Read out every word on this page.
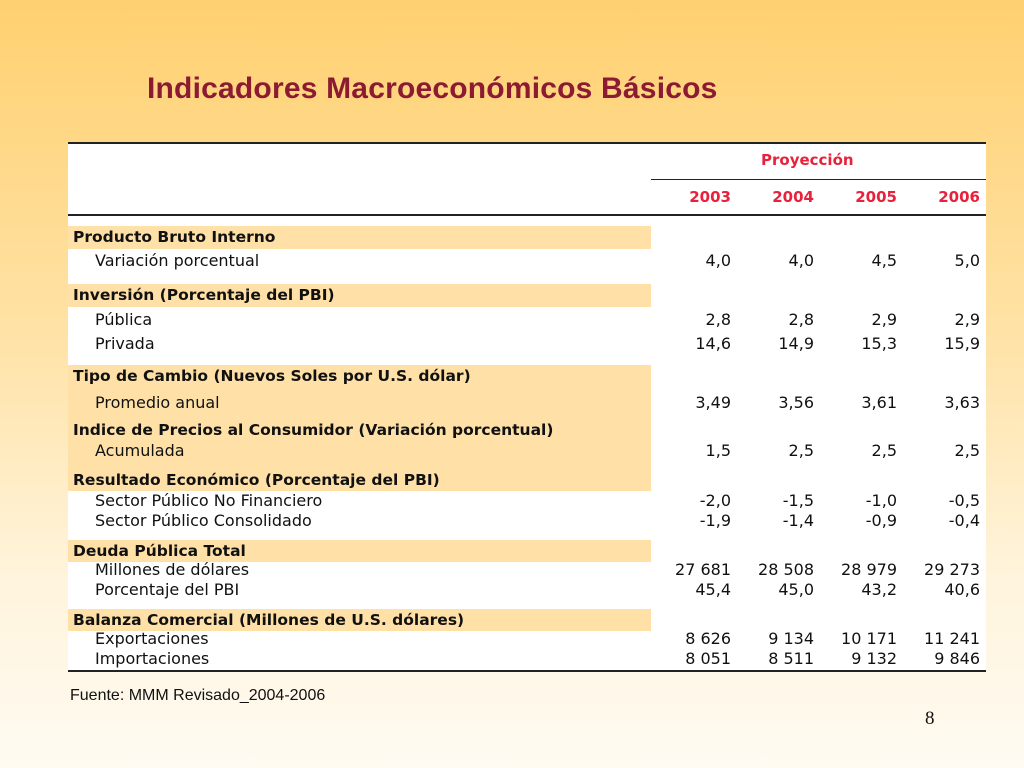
Indicadores Macroeconómicos Básicos
Proyección
2003	2004	2005	2006
Producto Bruto Interno
Variación porcentual	4,0	4,0	4,5	5,0
Inversión (Porcentaje del PBI)
Pública	2,8	2,8	2,9	2,9
Privada	14,6	14,9	15,3	15,9
Tipo de Cambio (Nuevos Soles por U.S. dólar)
Promedio anual	3,49	3,56	3,61	3,63
Indice de Precios al Consumidor (Variación porcentual)
Acumulada	1,5	2,5	2,5	2,5
Resultado Económico (Porcentaje del PBI)
Sector Público No Financiero	-2,0	-1,5	-1,0	-0,5
Sector Público Consolidado	-1,9	-1,4	-0,9	-0,4
Deuda Pública Total
Millones de dólares	27 681	28 508	28 979	29 273
Porcentaje del PBI	45,4	45,0	43,2	40,6
Balanza Comercial (Millones de U.S. dólares)
Exportaciones	8 626	9 134	10 171	11 241
Importaciones	8 051	8 511	9 132	9 846
Fuente: MMM Revisado_2004-2006
8
